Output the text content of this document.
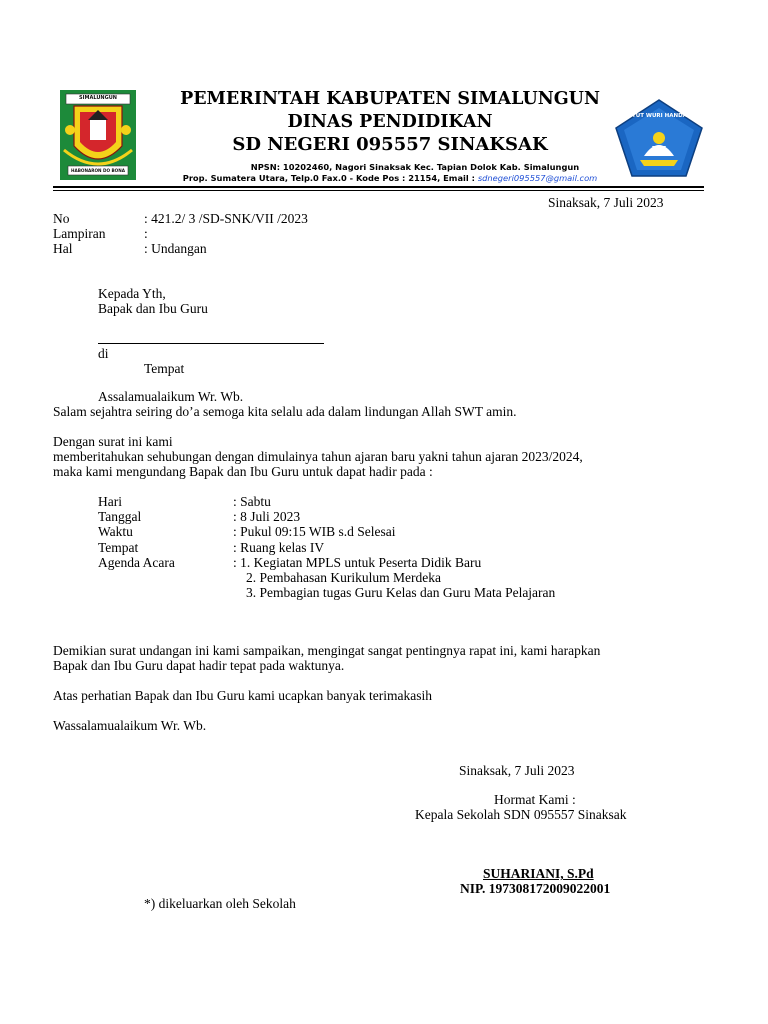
SIMALUNGUN
HABONARON DO BONA
TUT WURI HANDAYANI
PEMERINTAH KABUPATEN SIMALUNGUN
DINAS PENDIDIKAN
SD NEGERI 095557 SINAKSAK
NPSN: 10202460, Nagori Sinaksak Kec. Tapian Dolok Kab. Simalungun
Prop. Sumatera Utara, Telp.0 Fax.0 - Kode Pos : 21154, Email : sdnegeri095557@gmail.com
Sinaksak, 7 Juli 2023
No	: 421.2/ 3 /SD-SNK/VII /2023
Lampiran	:
Hal	: Undangan
Kepada Yth,
Bapak dan Ibu Guru
di
Tempat
Assalamualaikum Wr. Wb.
Salam sejahtra seiring do’a semoga kita selalu ada dalam lindungan Allah SWT amin.
Dengan surat ini kami
memberitahukan sehubungan dengan dimulainya tahun ajaran baru yakni tahun ajaran 2023/2024,
maka kami mengundang Bapak dan Ibu Guru untuk dapat hadir pada :
Hari	: Sabtu
Tanggal	: 8 Juli 2023
Waktu	: Pukul 09:15 WIB s.d Selesai
Tempat	: Ruang kelas IV
Agenda Acara	: 1. Kegiatan MPLS untuk Peserta Didik Baru
2. Pembahasan Kurikulum Merdeka
3. Pembagian tugas Guru Kelas dan Guru Mata Pelajaran
Demikian surat undangan ini kami sampaikan, mengingat sangat pentingnya rapat ini, kami harapkan
Bapak dan Ibu Guru dapat hadir tepat pada waktunya.
Atas perhatian Bapak dan Ibu Guru kami ucapkan banyak terimakasih
Wassalamualaikum Wr. Wb.
Sinaksak, 7 Juli 2023
Hormat Kami :
Kepala Sekolah SDN 095557 Sinaksak
SUHARIANI, S.Pd
NIP. 197308172009022001
*) dikeluarkan oleh Sekolah
